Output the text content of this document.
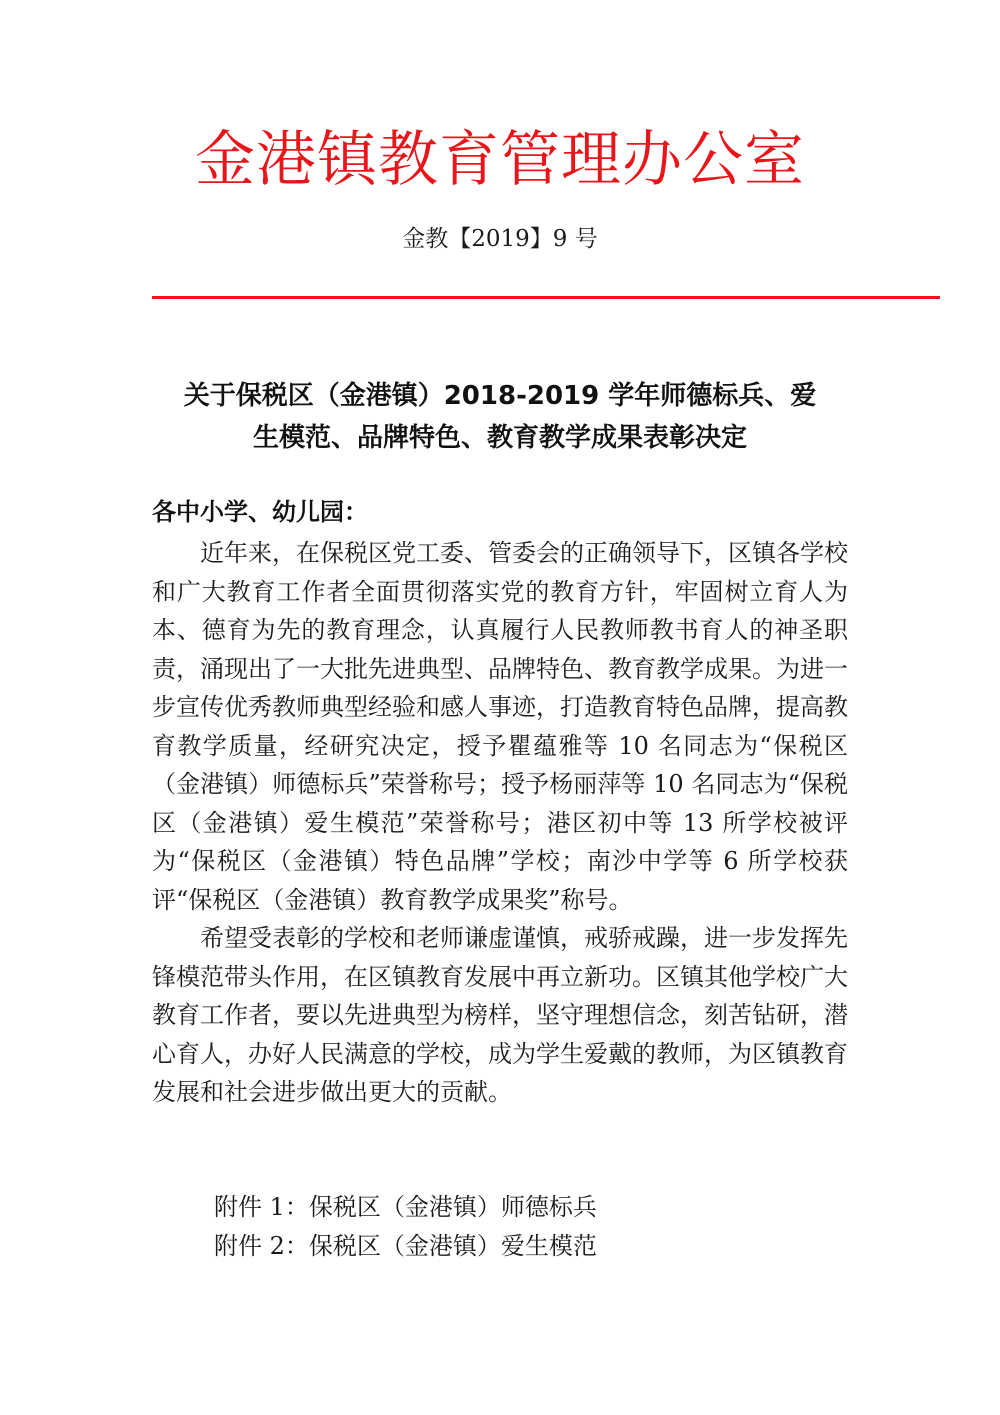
金港镇教育管理办公室
金教【2019】9 号
关于保税区（金港镇）2018-2019 学年师德标兵、爱
生模范、品牌特色、教育教学成果表彰决定
各中小学、幼儿园：

近年来，在保税区党工委、管委会的正确领导下，区镇各学校和广大教育工作者全面贯彻落实党的教育方针，牢固树立育人为本、德育为先的教育理念，认真履行人民教师教书育人的神圣职责，涌现出了一大批先进典型、品牌特色、教育教学成果。为进一步宣传优秀教师典型经验和感人事迹，打造教育特色品牌，提高教育教学质量，经研究决定，授予瞿蕴雅等 10 名同志为“保税区（金港镇）师德标兵”荣誉称号；授予杨丽萍等 10 名同志为“保税区（金港镇）爱生模范”荣誉称号；港区初中等 13 所学校被评为“保税区（金港镇）特色品牌”学校；南沙中学等 6 所学校获评“保税区（金港镇）教育教学成果奖”称号。

希望受表彰的学校和老师谦虚谨慎，戒骄戒躁，进一步发挥先锋模范带头作用，在区镇教育发展中再立新功。区镇其他学校广大教育工作者，要以先进典型为榜样，坚守理想信念，刻苦钻研，潜心育人，办好人民满意的学校，成为学生爱戴的教师，为区镇教育发展和社会进步做出更大的贡献。

附件 1：保税区（金港镇）师德标兵

附件 2：保税区（金港镇）爱生模范
